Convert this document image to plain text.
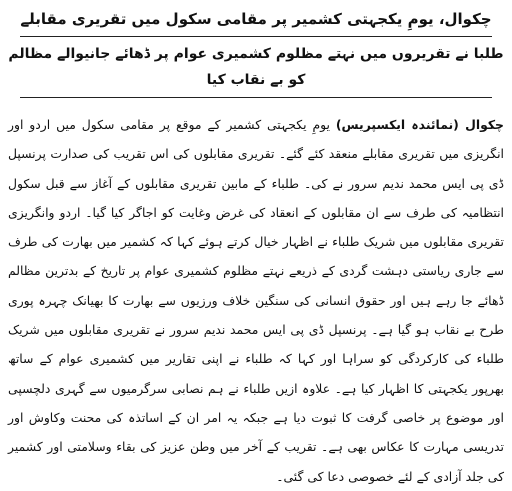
چکوال، یومِ یکجہتی کشمیر پر مقامی سکول میں تقریری مقابلے
طلبا نے تقریروں میں نہتے مظلوم کشمیری عوام پر ڈھائے جانیوالے مظالم کو بے نقاب کیا

چکوال (نمائندہ ایکسپریس) یومِ یکجہتی کشمیر کے موقع پر مقامی سکول میں اردو اور انگریزی میں تقریری مقابلے منعقد کئے گئے۔ تقریری مقابلوں کی اس تقریب کی صدارت پرنسپل ڈی پی ایس محمد ندیم سرور نے کی۔ طلباء کے مابین تقریری مقابلوں کے آغاز سے قبل سکول انتظامیہ کی طرف سے ان مقابلوں کے انعقاد کی غرض وغایت کو اجاگر کیا گیا۔ اردو وانگریزی تقریری مقابلوں میں شریک طلباء نے اظہار خیال کرتے ہوئے کہا کہ کشمیر میں بھارت کی طرف سے جاری ریاستی دہشت گردی کے ذریعے نہتے مظلوم کشمیری عوام پر تاریخ کے بدترین مظالم ڈھائے جا رہے ہیں اور حقوق انسانی کی سنگین خلاف ورزیوں سے بھارت کا بھیانک چہرہ پوری طرح بے نقاب ہو گیا ہے۔ پرنسپل ڈی پی ایس محمد ندیم سرور نے تقریری مقابلوں میں شریک طلباء کی کارکردگی کو سراہا اور کہا کہ طلباء نے اپنی تقاریر میں کشمیری عوام کے ساتھ بھرپور یکجہتی کا اظہار کیا ہے۔ علاوہ ازیں طلباء نے ہم نصابی سرگرمیوں سے گہری دلچسپی اور موضوع پر خاصی گرفت کا ثبوت دیا ہے جبکہ یہ امر ان کے اساتذہ کی محنت وکاوش اور تدریسی مہارت کا عکاس بھی ہے۔ تقریب کے آخر میں وطن عزیز کی بقاء وسلامتی اور کشمیر کی جلد آزادی کے لئے خصوصی دعا کی گئی۔
